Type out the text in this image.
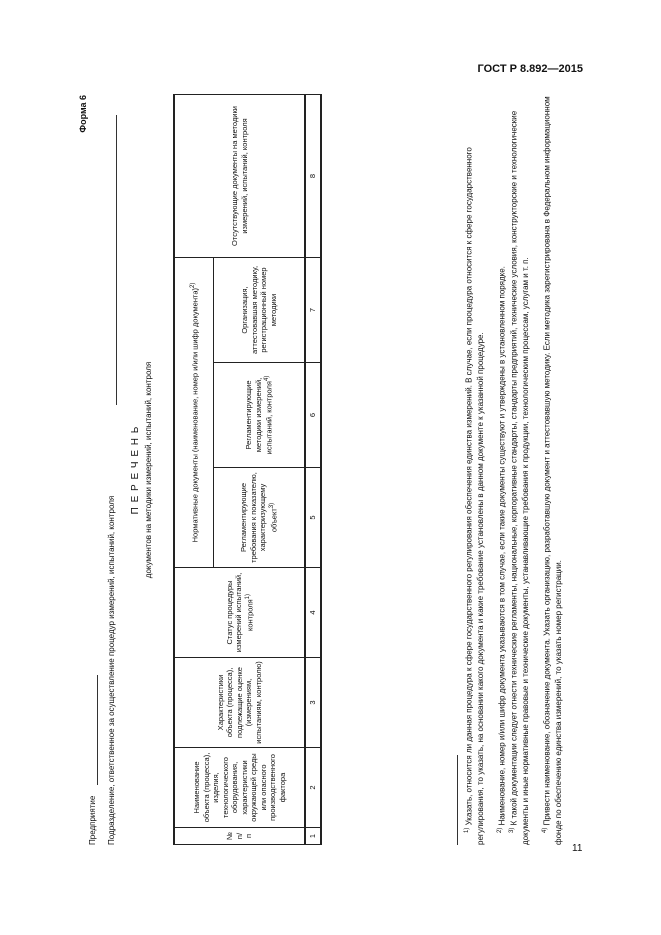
ГОСТ Р 8.892—2015
Форма 6
Предприятие Подразделение, ответственное за осуществление процедур измерений, испытаний, контроля
П Е Р Е Ч Е Н Ь документов на методики измерений, испытаний, контроля
№ п/п	Наименование объекта (процесса), изделия, технологического оборудования, характеристики окружающей среды или опасного производственного фактора	Характеристики объекта (процесса), подлежащие оценке (измерениям, испытаниям, контролю)	Статус процедуры измерений испытаний, контроля$^{1)}$	Нормативные документы (наименование, номер и/или шифр документа)$^{2)}$			Отсутствующие документы на методики измерений, испытаний, контроля
				Регламентирующие требования к показателю, характеризующему объект$^{3)}$	Регламентирующие методики измерений, испытаний, контроля$^{4)}$	Организация, аттестовавшая методику, регистрационный номер методики	
1	2	3	4	5	6	7	8

$^{1)}$ Указать, относится ли данная процедура к сфере государственного регулирования обеспечения единства измерений. В случае, если процедура относится к сфере государственного регулирования, то указать, на основании какого документа и какие требование установлены в данном документе к указанной процедуре.	$^{2)}$ Наименование, номер и/или шифр документа указываются в том случае, если такие документы существуют и утверждены в установленном порядке.
$^{3)}$ К такой документации следует отнести технические регламенты, национальные, корпоративные стандарты, стандарты предприятий, технические условия, конструкторские и технологические документы и иные нормативные правовые и технические документы, устанавливающие требования к продукции, технологическим процессам, услугам и т. п.	$^{4)}$ Привести наименование, обозначение документа. Указать организацию, разработавшую документ и аттестовавшую методику. Если методика зарегистрирована в Федеральном информационном фонде по обеспечению единства измерений, то указать номер регистрации.
11
